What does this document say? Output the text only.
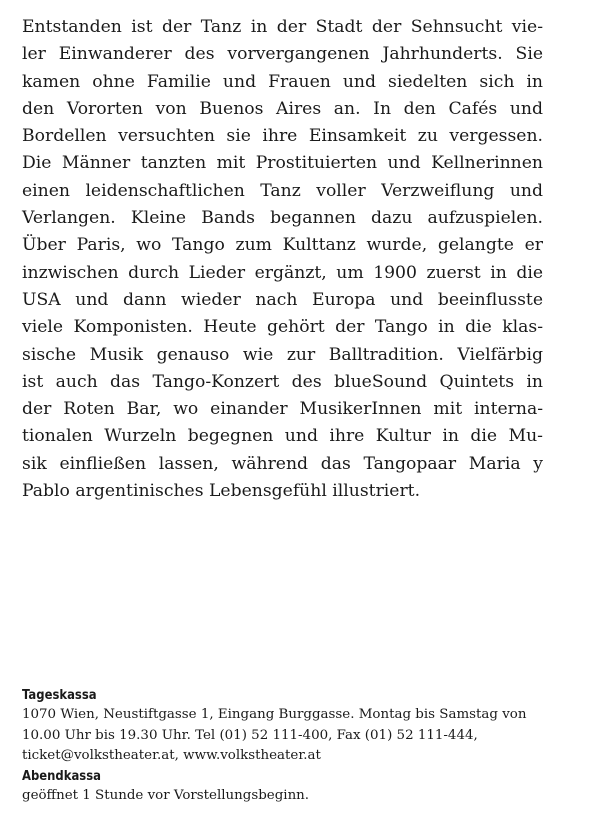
Entstanden ist der Tanz in der Stadt der Sehnsucht vie-
ler Einwanderer des vorvergangenen Jahrhunderts. Sie
kamen ohne Familie und Frauen und siedelten sich in
den Vororten von Buenos Aires an. In den Cafés und
Bordellen versuchten sie ihre Einsamkeit zu vergessen.
Die Männer tanzten mit Prostituierten und Kellnerinnen
einen leidenschaftlichen Tanz voller Verzweiflung und
Verlangen. Kleine Bands begannen dazu aufzuspielen.
Über Paris, wo Tango zum Kulttanz wurde, gelangte er
inzwischen durch Lieder ergänzt, um 1900 zuerst in die
USA und dann wieder nach Europa und beeinflusste
viele Komponisten. Heute gehört der Tango in die klas-
sische Musik genauso wie zur Balltradition. Vielfärbig
ist auch das Tango-Konzert des blueSound Quintets in
der Roten Bar, wo einander MusikerInnen mit interna-
tionalen Wurzeln begegnen und ihre Kultur in die Mu-
sik einfließen lassen, während das Tangopaar Maria y
Pablo argentinisches Lebensgefühl illustriert.
Tageskassa

1070 Wien, Neustiftgasse 1, Eingang Burggasse. Montag bis Samstag von
10.00 Uhr bis 19.30 Uhr. Tel (01) 52 111-400, Fax (01) 52 111-444,
ticket@volkstheater.at, www.volkstheater.at

Abendkassa

geöffnet 1 Stunde vor Vorstellungsbeginn.
